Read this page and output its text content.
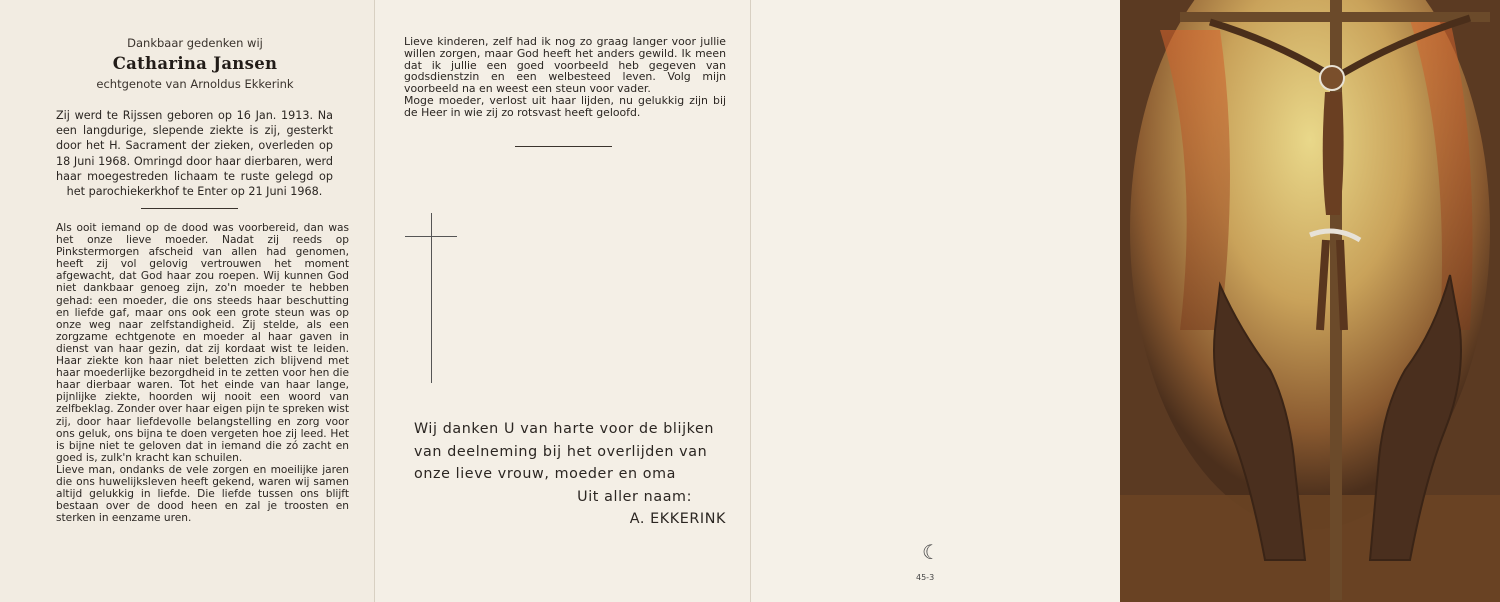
Dankbaar gedenken wij
Catharina Jansen
echtgenote van Arnoldus Ekkerink
Zij werd te Rijssen geboren op 16 Jan. 1913. Na een langdurige, slepende ziekte is zij, gesterkt door het H. Sacrament der zieken, overleden op 18 Juni 1968. Omringd door haar dierbaren, werd haar moegestreden lichaam te ruste gelegd op het parochiekerkhof te Enter op 21 Juni 1968.

Als ooit iemand op de dood was voorbereid, dan was het onze lieve moeder. Nadat zij reeds op Pinkstermorgen afscheid van allen had genomen, heeft zij vol gelovig vertrouwen het moment afgewacht, dat God haar zou roepen. Wij kunnen God niet dankbaar genoeg zijn, zo'n moeder te hebben gehad: een moeder, die ons steeds haar beschutting en liefde gaf, maar ons ook een grote steun was op onze weg naar zelfstandigheid. Zij stelde, als een zorgzame echtgenote en moeder al haar gaven in dienst van haar gezin, dat zij kordaat wist te leiden. Haar ziekte kon haar niet beletten zich blijvend met haar moederlijke bezorgdheid in te zetten voor hen die haar dierbaar waren. Tot het einde van haar lange, pijnlijke ziekte, hoorden wij nooit een woord van zelfbeklag. Zonder over haar eigen pijn te spreken wist zij, door haar liefdevolle belangstelling en zorg voor ons geluk, ons bijna te doen vergeten hoe zij leed. Het is bijne niet te geloven dat in iemand die zó zacht en goed is, zulk'n kracht kan schuilen.

Lieve man, ondanks de vele zorgen en moeilijke jaren die ons huwelijksleven heeft gekend, waren wij samen altijd gelukkig in liefde. Die liefde tussen ons blijft bestaan over de dood heen en zal je troosten en sterken in eenzame uren.

Lieve kinderen, zelf had ik nog zo graag langer voor jullie willen zorgen, maar God heeft het anders gewild. Ik meen dat ik jullie een goed voorbeeld heb gegeven van godsdienstzin en een welbesteed leven. Volg mijn voorbeeld na en weest een steun voor vader.

Moge moeder, verlost uit haar lijden, nu gelukkig zijn bij de Heer in wie zij zo rotsvast heeft geloofd.

Wij danken U van harte voor de blijken van deelneming bij het overlijden van onze lieve vrouw, moeder en oma
Uit aller naam:
A. EKKERINK
☾
45-3
